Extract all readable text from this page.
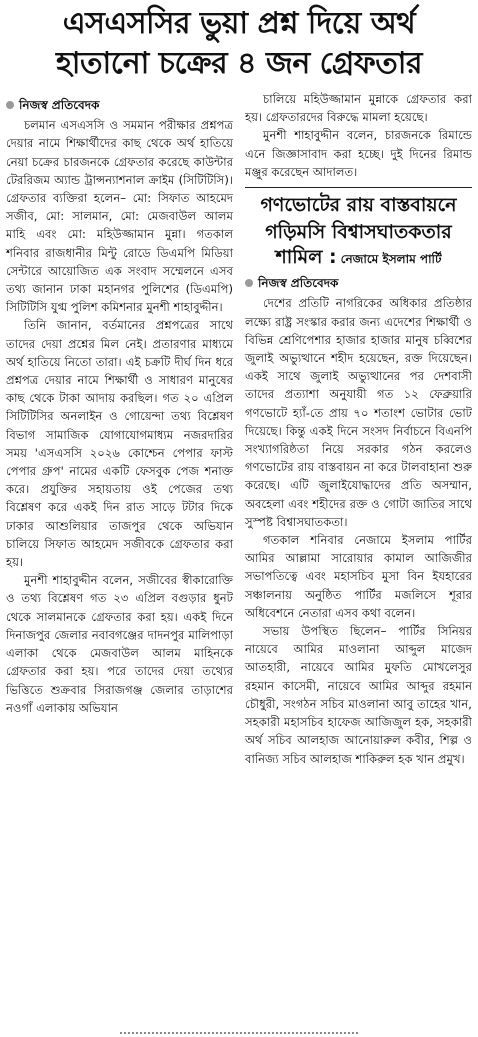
এসএসসির ভুয়া প্রশ্ন দিয়ে অর্থ
হাতানো চক্রের ৪ জন গ্রেফতার
নিজস্ব প্রতিবেদক

চলমান এসএসসি ও সমমান পরীক্ষার প্রশ্নপত্র দেয়ার নামে শিক্ষার্থীদের কাছ থেকে অর্থ হাতিয়ে নেয়া চক্রের চারজনকে গ্রেফতার করেছে কাউন্টার টেররিজম অ্যান্ড ট্রান্সন্যাশনাল ক্রাইম (সিটিটিসি)। গ্রেফতার ব্যক্তিরা হলেন– মো: সিফাত আহমেদ সজীব, মো: সালমান, মো: মেজবাউল আলম মাহি এবং মো: মহিউজ্জামান মুন্না। গতকাল শনিবার রাজধানীর মিন্টু রোডে ডিএমপি মিডিয়া সেন্টারে আয়োজিত এক সংবাদ সম্মেলনে এসব তথ্য জানান ঢাকা মহানগর পুলিশের (ডিএমপি) সিটিটিসি যুগ্ম পুলিশ কমিশনার মুনশী শাহাবুদ্দীন।

তিনি জানান, বর্তমানের প্রশ্নপত্রের সাথে তাদের দেয়া প্রশ্নের মিল নেই। প্রতারণার মাধ্যমে অর্থ হাতিয়ে নিতো তারা। এই চক্রটি দীর্ঘ দিন ধরে প্রশ্নপত্র দেয়ার নামে শিক্ষার্থী ও সাধারণ মানুষের কাছ থেকে টাকা আদায় করছিল। গত ২০ এপ্রিল সিটিটিসির অনলাইন ও গোয়েন্দা তথ্য বিশ্লেষণ বিভাগ সামাজিক যোগাযোগমাধ্যম নজরদারির সময় 'এসএসসি ২০২৬ কোশ্চেন পেপার ফাস্ট পেপার গ্রুপ' নামের একটি ফেসবুক পেজ শনাক্ত করে। প্রযুক্তির সহায়তায় ওই পেজের তথ্য বিশ্লেষণ করে একই দিন রাত সাড়ে টটার দিকে ঢাকার আশুলিয়ার তাজপুর থেকে অভিযান চালিয়ে সিফাত আহমেদ সজীবকে গ্রেফতার করা হয়।

মুনশী শাহাবুদ্দীন বলেন, সজীবের স্বীকারোক্তি ও তথ্য বিশ্লেষণ গত ২৩ এপ্রিল বগুড়ার ধুনট থেকে সালমানকে গ্রেফতার করা হয়। একই দিনে দিনাজপুর জেলার নবাবগঞ্জের দাদনপুর মালিপাড়া এলাকা থেকে মেজবাউল আলম মাহিনকে গ্রেফতার করা হয়। পরে তাদের দেয়া তথ্যের ভিত্তিতে শুক্রবার সিরাজগঞ্জ জেলার তাড়াশের নওগাঁ এলাকায় অভিযান

চালিয়ে মহিউজ্জামান মুন্নাকে গ্রেফতার করা হয়। গ্রেফতারদের বিরুদ্ধে মামলা হয়েছে।

মুনশী শাহাবুদ্দীন বলেন, চারজনকে রিমান্ডে এনে জিজ্ঞাসাবাদ করা হচ্ছে। দুই দিনের রিমান্ড মঞ্জুর করেছেন আদালত।

গণভোটের রায় বাস্তবায়নে
গড়িমসি বিশ্বাসঘাতকতার
শামিল : নেজামে ইসলাম পার্টি
নিজস্ব প্রতিবেদক

দেশের প্রতিটি নাগরিকের অধিকার প্রতিষ্ঠার লক্ষ্যে রাষ্ট্র সংস্কার করার জন্য এদেশের শিক্ষার্থী ও বিভিন্ন শ্রেণিপেশার হাজার হাজার মানুষ চব্বিশের জুলাই অভ্যুত্থানে শহীদ হয়েছেন, রক্ত দিয়েছেন। একই সাথে জুলাই অভ্যুত্থানের পর দেশবাসী তাদের প্রত্যাশা অনুযায়ী গত ১২ ফেব্রুয়ারি গণভোটে হ্যাঁ-তে প্রায় ৭০ শতাংশ ভোটার ভোট দিয়েছে। কিন্তু একই দিনে সংসদ নির্বাচনে বিএনপি সংখ্যাগরিষ্ঠতা নিয়ে সরকার গঠন করলেও গণভোটের রায় বাস্তবায়ন না করে টালবাহানা শুরু করেছে। এটি জুলাইযোদ্ধাদের প্রতি অসম্মান, অবহেলা এবং শহীদের রক্ত ও গোটা জাতির সাথে সুস্পষ্ট বিশ্বাসঘাতকতা।

গতকাল শনিবার নেজামে ইসলাম পার্টির আমির আল্লামা সারোয়ার কামাল আজিজীর সভাপতিত্বে এবং মহাসচিব মুসা বিন ইযহারের সঞ্চালনায় অনুষ্ঠিত পার্টির মজলিসে শূরার অধিবেশনে নেতারা এসব কথা বলেন।

সভায় উপস্থিত ছিলেন– পার্টির সিনিয়র নায়েবে আমির মাওলানা আব্দুল মাজেদ আতহারী, নায়েবে আমির মুফতি মোখলেসুর রহমান কাসেমী, নায়েবে আমির আব্দুর রহমান চৌধুরী, সংগঠন সচিব মাওলানা আবু তাহের খান, সহকারী মহাসচিব হাফেজ আজিজুল হক, সহকারী অর্থ সচিব আলহাজ আনোয়ারুল কবীর, শিল্প ও বানিজ্য সচিব আলহাজ শাকিরুল হক খান প্রমুখ।
